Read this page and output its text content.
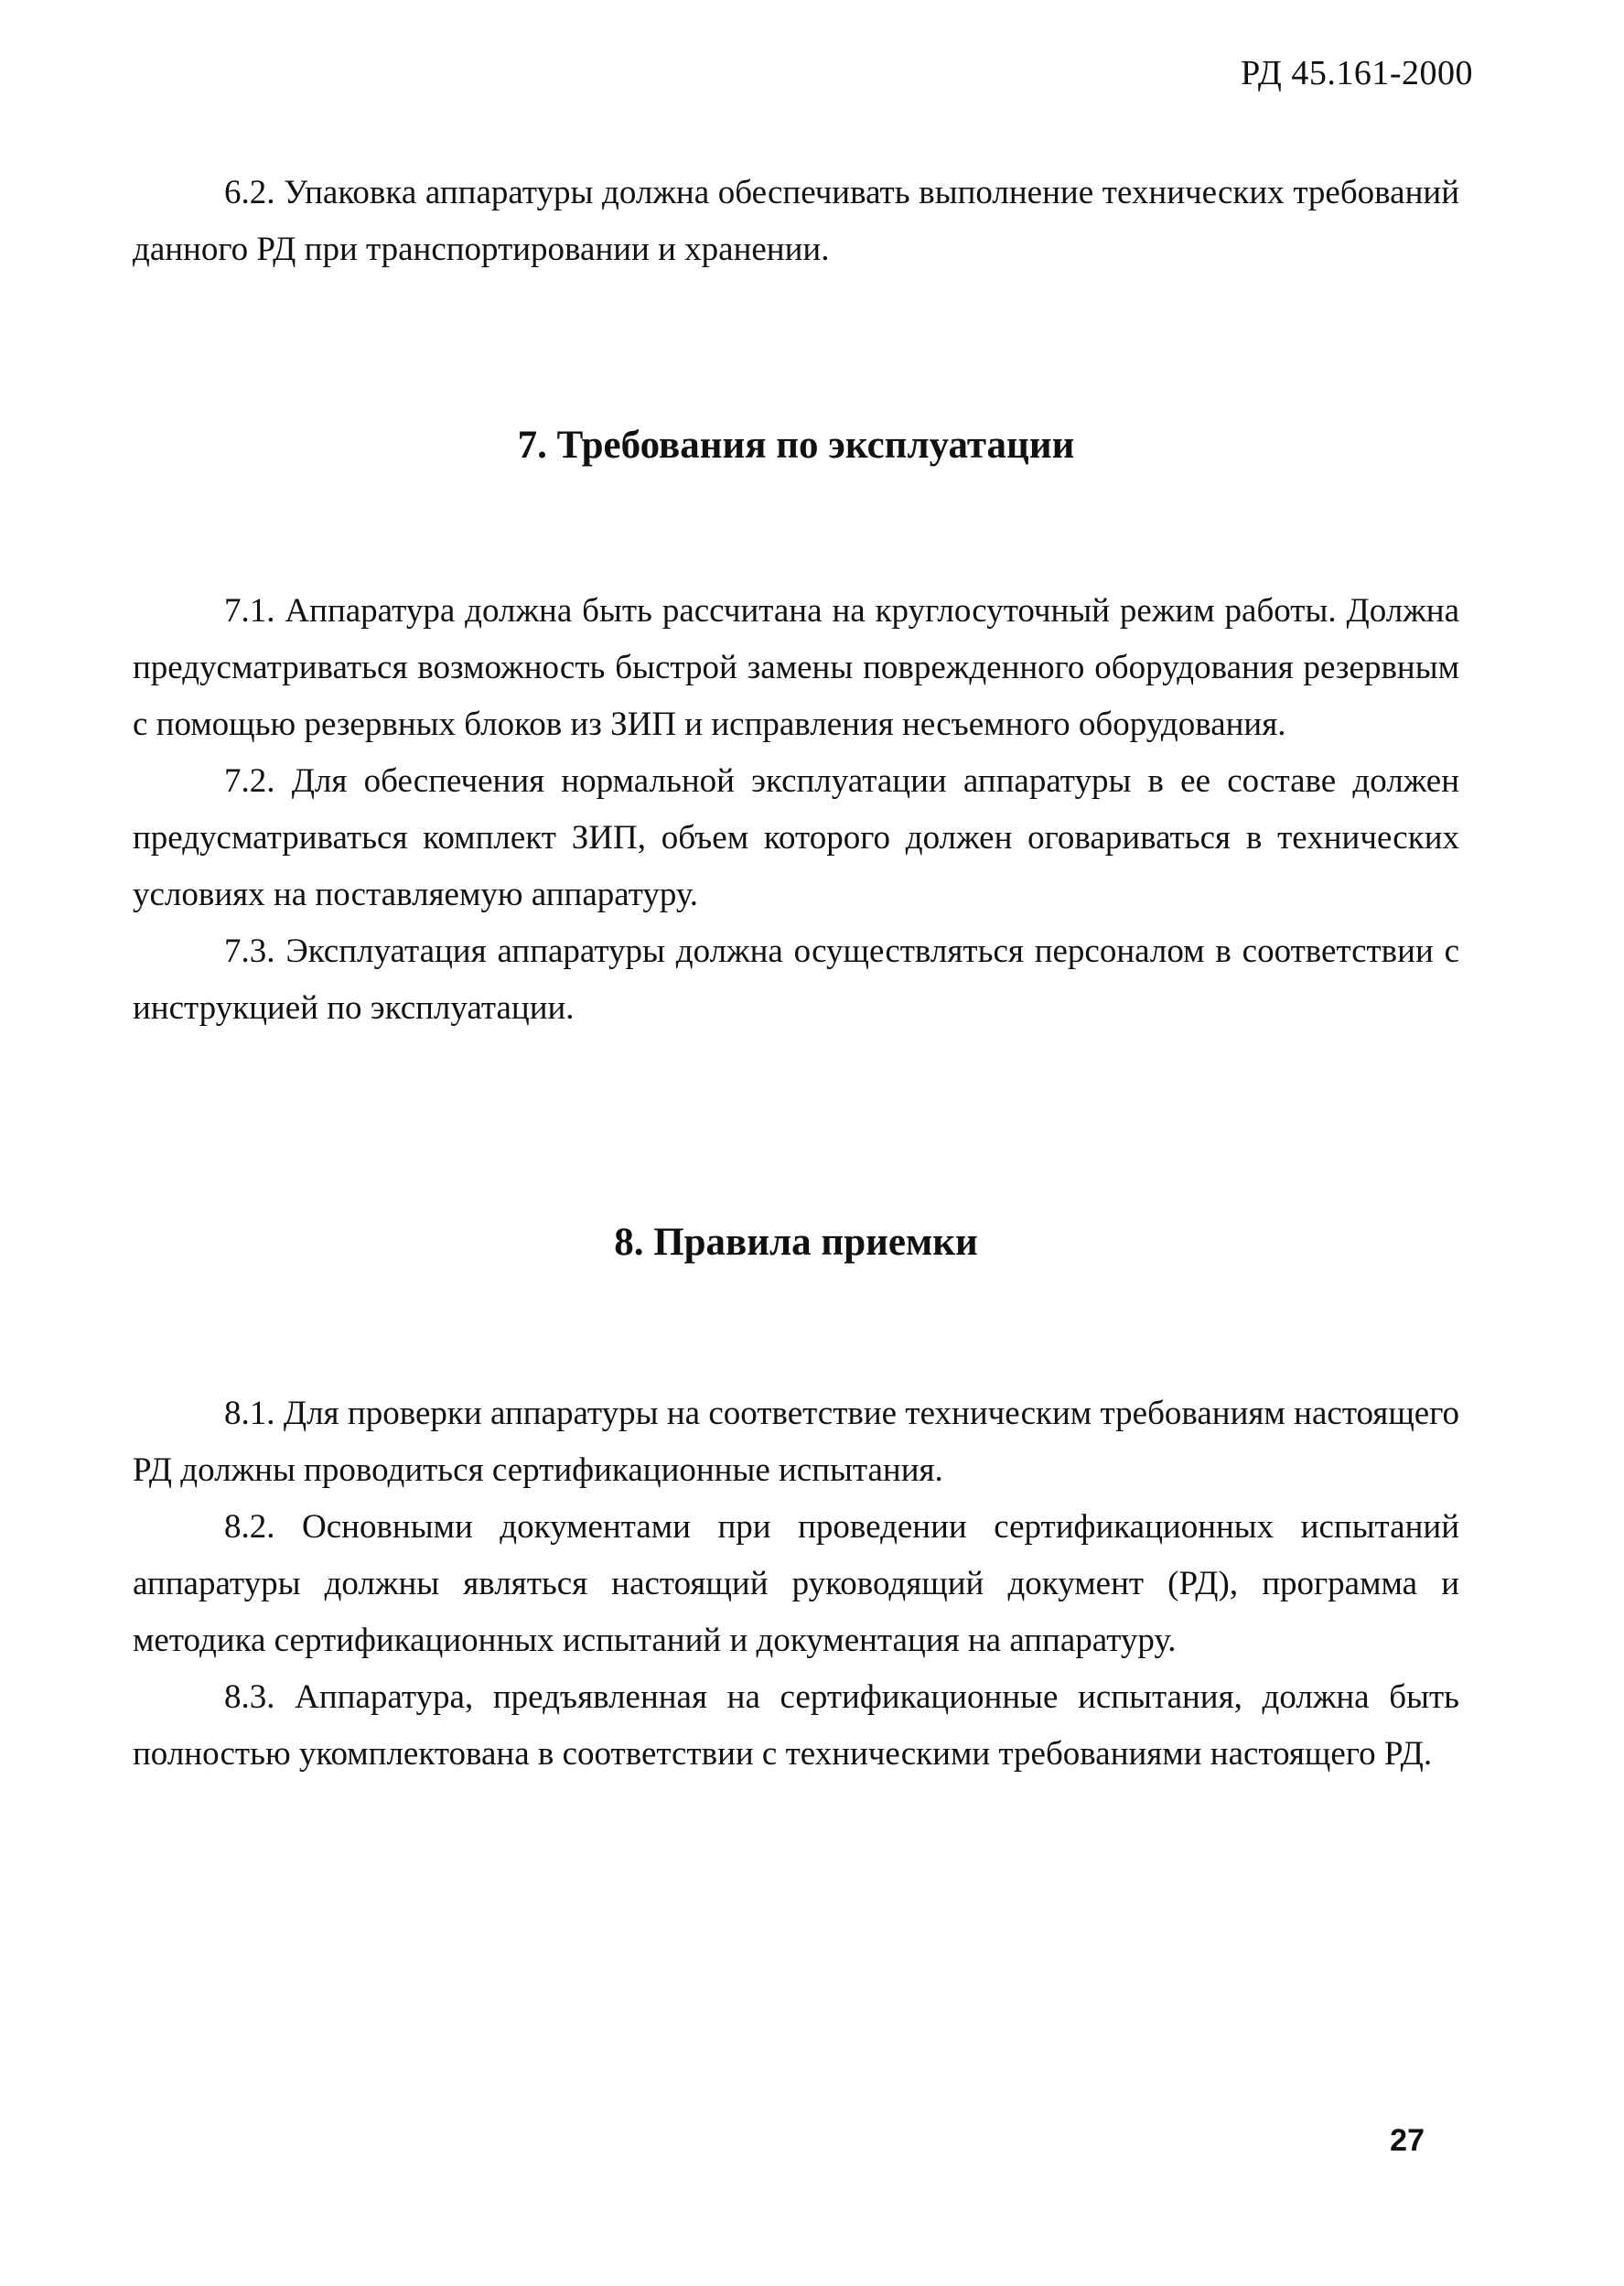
РД 45.161-2000

6.2. Упаковка аппаратуры должна обеспечивать выполнение технических требований данного РД при транспортировании и хранении.

7. Требования по эксплуатации

7.1. Аппаратура должна быть рассчитана на круглосуточный режим работы. Должна предусматриваться возможность быстрой замены поврежденного оборудования резервным с помощью резервных блоков из ЗИП и исправления несъемного оборудования.

7.2. Для обеспечения нормальной эксплуатации аппаратуры в ее составе должен предусматриваться комплект ЗИП, объем которого должен оговариваться в технических условиях на поставляемую аппаратуру.

7.3. Эксплуатация аппаратуры должна осуществляться персоналом в соответствии с инструкцией по эксплуатации.

8. Правила приемки

8.1. Для проверки аппаратуры на соответствие техническим требованиям настоящего РД должны проводиться сертификационные испытания.

8.2. Основными документами при проведении сертификационных испытаний аппаратуры должны являться настоящий руководящий документ (РД), программа и методика сертификационных испытаний и документация на аппаратуру.

8.3. Аппаратура, предъявленная на сертификационные испытания, должна быть полностью укомплектована в соответствии с техническими требованиями настоящего РД.

27
